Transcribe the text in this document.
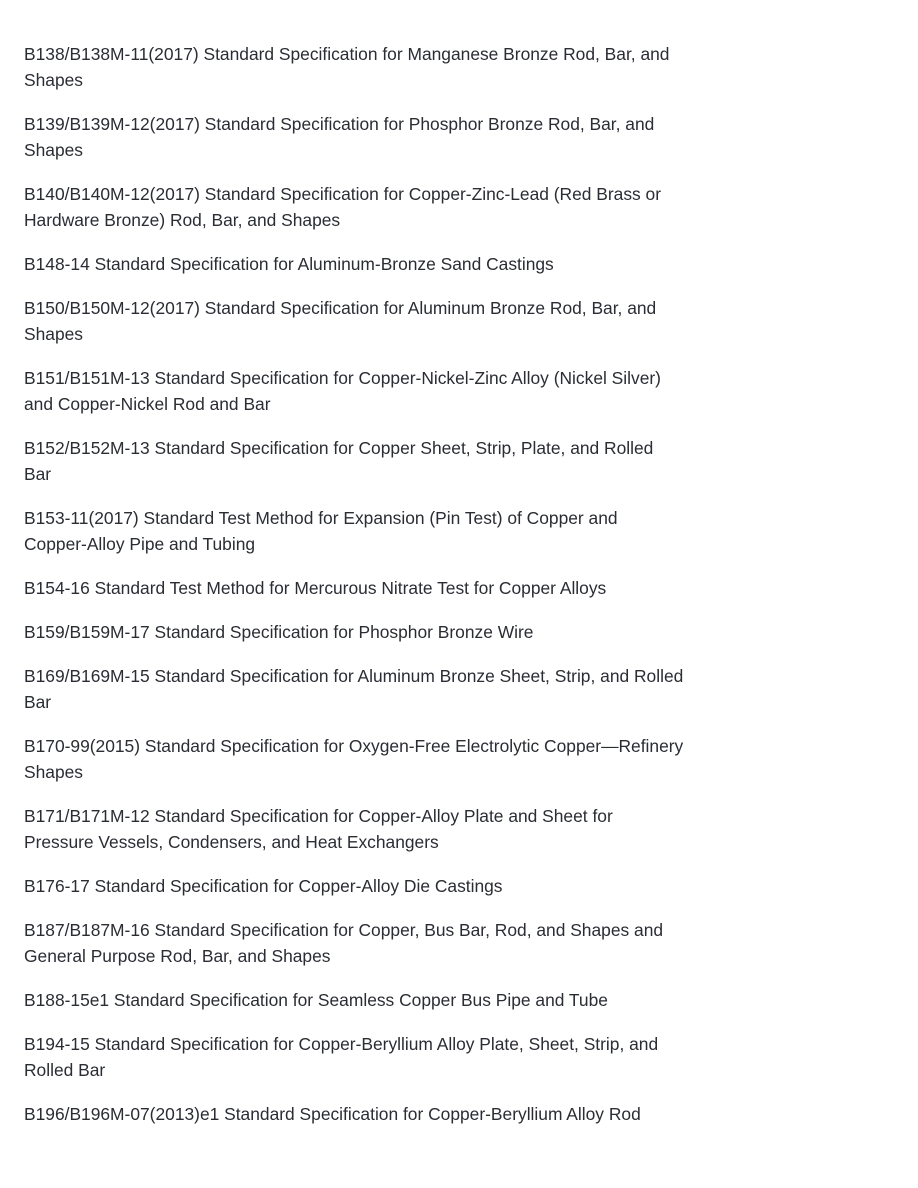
B138/B138M-11(2017) Standard Specification for Manganese Bronze Rod, Bar, and Shapes

B139/B139M-12(2017) Standard Specification for Phosphor Bronze Rod, Bar, and Shapes

B140/B140M-12(2017) Standard Specification for Copper-Zinc-Lead (Red Brass or Hardware Bronze) Rod, Bar, and Shapes

B148-14 Standard Specification for Aluminum-Bronze Sand Castings

B150/B150M-12(2017) Standard Specification for Aluminum Bronze Rod, Bar, and Shapes

B151/B151M-13 Standard Specification for Copper-Nickel-Zinc Alloy (Nickel Silver) and Copper-Nickel Rod and Bar

B152/B152M-13 Standard Specification for Copper Sheet, Strip, Plate, and Rolled Bar

B153-11(2017) Standard Test Method for Expansion (Pin Test) of Copper and Copper-Alloy Pipe and Tubing

B154-16 Standard Test Method for Mercurous Nitrate Test for Copper Alloys

B159/B159M-17 Standard Specification for Phosphor Bronze Wire

B169/B169M-15 Standard Specification for Aluminum Bronze Sheet, Strip, and Rolled Bar

B170-99(2015) Standard Specification for Oxygen-Free Electrolytic Copper—Refinery Shapes

B171/B171M-12 Standard Specification for Copper-Alloy Plate and Sheet for Pressure Vessels, Condensers, and Heat Exchangers

B176-17 Standard Specification for Copper-Alloy Die Castings

B187/B187M-16 Standard Specification for Copper, Bus Bar, Rod, and Shapes and General Purpose Rod, Bar, and Shapes

B188-15e1 Standard Specification for Seamless Copper Bus Pipe and Tube

B194-15 Standard Specification for Copper-Beryllium Alloy Plate, Sheet, Strip, and Rolled Bar

B196/B196M-07(2013)e1 Standard Specification for Copper-Beryllium Alloy Rod
